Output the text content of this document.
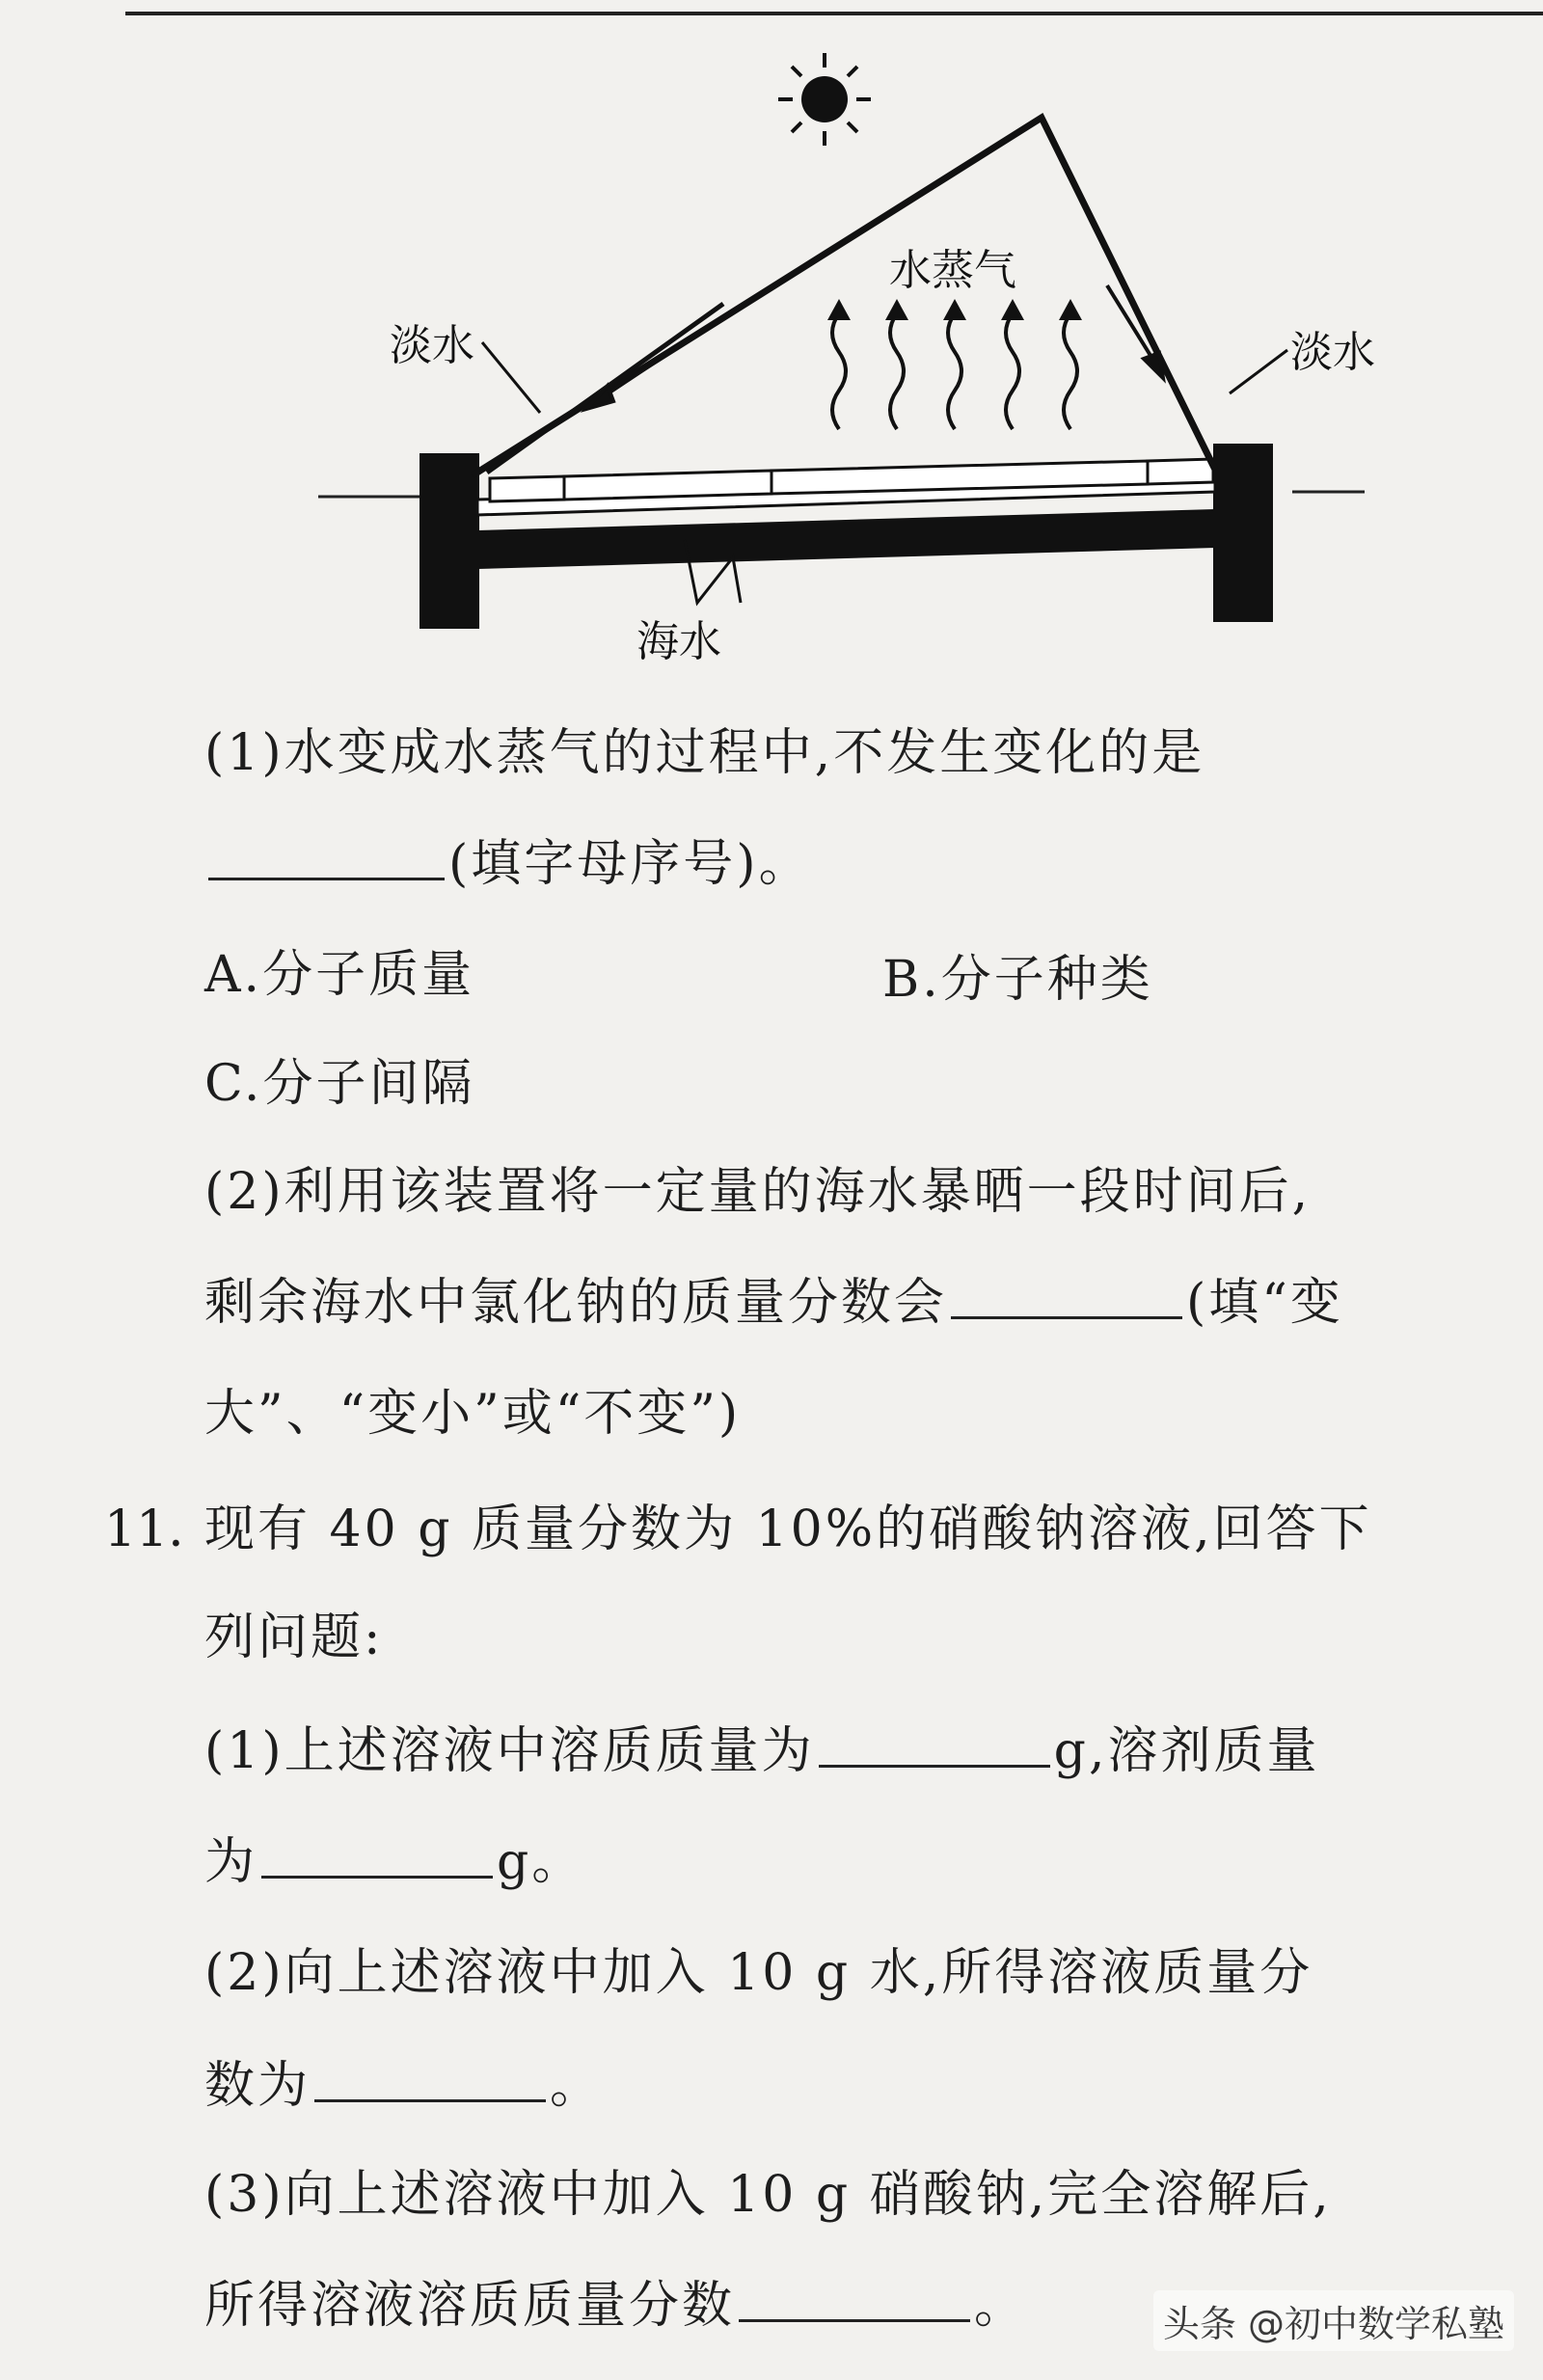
水蒸气
淡水	淡水
海水
(1)水变成水蒸气的过程中,不发生变化的是
(填字母序号)。
A.分子质量	B.分子种类
C.分子间隔
(2)利用该装置将一定量的海水暴晒一段时间后,
剩余海水中氯化钠的质量分数会	(填“变
大”、“变小”或“不变”)
11. 现有 40 g 质量分数为 10%的硝酸钠溶液,回答下
列问题:
(1)上述溶液中溶质质量为	g,溶剂质量
为	g。
(2)向上述溶液中加入 10 g 水,所得溶液质量分
数为	。
(3)向上述溶液中加入 10 g 硝酸钠,完全溶解后,
所得溶液溶质质量分数	。	头条 @初中数学私塾
